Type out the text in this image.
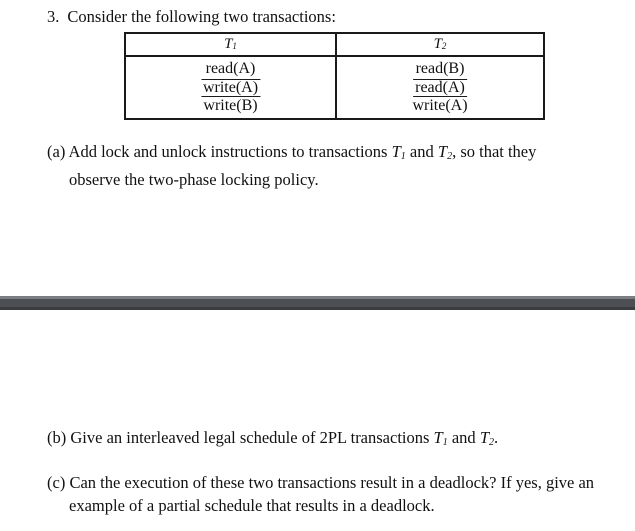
3. Consider the following two transactions:
$T_1$
read(A)
write(A)
write(B)
$T_2$
read(B)
read(A)
write(A)
(a) Add lock and unlock instructions to transactions $T_1$ and $T_2$, so that they
observe the two-phase locking policy.
(b) Give an interleaved legal schedule of 2PL transactions $T_1$ and $T_2$.
(c) Can the execution of these two transactions result in a deadlock? If yes, give an
example of a partial schedule that results in a deadlock.
